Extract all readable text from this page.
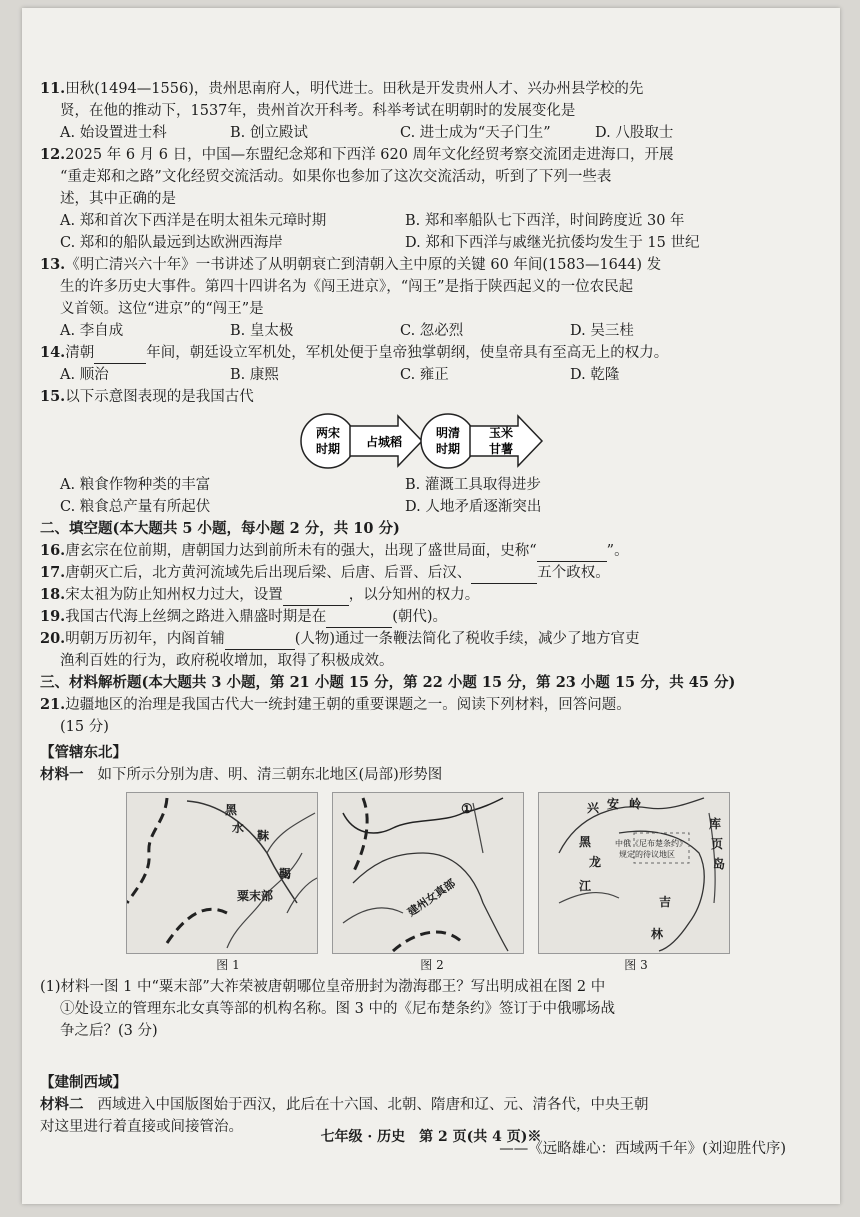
11. 田秋(1494—1556)，贵州思南府人，明代进士。田秋是开发贵州人才、兴办州县学校的先
贤，在他的推动下，1537年，贵州首次开科考。科举考试在明朝时的发展变化是
A. 始设置进士科	B. 创立殿试	C. 进士成为“天子门生”	D. 八股取士
12. 2025 年 6 月 6 日，中国—东盟纪念郑和下西洋 620 周年文化经贸考察交流团走进海口，开展
“重走郑和之路”文化经贸交流活动。如果你也参加了这次交流活动，听到了下列一些表
述，其中正确的是
A. 郑和首次下西洋是在明太祖朱元璋时期	B. 郑和率船队七下西洋，时间跨度近 30 年
C. 郑和的船队最远到达欧洲西海岸	D. 郑和下西洋与戚继光抗倭均发生于 15 世纪
13. 《明亡清兴六十年》一书讲述了从明朝衰亡到清朝入主中原的关键 60 年间(1583—1644) 发
生的许多历史大事件。第四十四讲名为《闯王进京》，“闯王”是指于陕西起义的一位农民起
义首领。这位“进京”的“闯王”是
A. 李自成	B. 皇太极	C. 忽必烈	D. 吴三桂
14. 清朝	年间，朝廷设立军机处，军机处便于皇帝独掌朝纲，使皇帝具有至高无上的权力。
A. 顺治	B. 康熙	C. 雍正	D. 乾隆
15. 以下示意图表现的是我国古代
两宋
时期 占城稻
明清
时期
玉米
甘薯
A. 粮食作物种类的丰富	B. 灌溉工具取得进步
C. 粮食总产量有所起伏	D. 人地矛盾逐渐突出
二、填空题(本大题共 5 小题，每小题 2 分，共 10 分)
16. 唐玄宗在位前期，唐朝国力达到前所未有的强大，出现了盛世局面，史称“	”。
17. 唐朝灭亡后，北方黄河流域先后出现后梁、后唐、后晋、后汉、	五个政权。
18. 宋太祖为防止知州权力过大，设置	，以分知州的权力。
19. 我国古代海上丝绸之路进入鼎盛时期是在	(朝代)。
20. 明朝万历初年，内阁首辅	(人物)通过一条鞭法简化了税收手续，减少了地方官吏
渔利百姓的行为，政府税收增加，取得了积极成效。
三、材料解析题(本大题共 3 小题，第 21 小题 15 分，第 22 小题 15 分，第 23 小题 15 分，共 45 分)
21. 边疆地区的治理是我国古代大一统封建王朝的重要课题之一。阅读下列材料，回答问题。
(15 分)
【管辖东北】
材料一 如下所示分别为唐、明、清三朝东北地区(局部)形势图
黑
水
靺
鞨
粟末部
①
建州女真部
兴 安 岭
黑
龙
江
库
页
岛
吉
林
中俄《尼布楚条约》
规定的待议地区
图 1	图 2	图 3
(1)材料一图 1 中“粟末部”大祚荣被唐朝哪位皇帝册封为渤海郡王？写出明成祖在图 2 中
①处设立的管理东北女真等部的机构名称。图 3 中的《尼布楚条约》签订于中俄哪场战
争之后？(3 分)
【建制西域】
材料二 西域进入中国版图始于西汉，此后在十六国、北朝、隋唐和辽、元、清各代，中央王朝
对这里进行着直接或间接管治。
——《远略雄心：西域两千年》(刘迎胜代序)
七年级 · 历史　第 2 页(共 4 页)※
